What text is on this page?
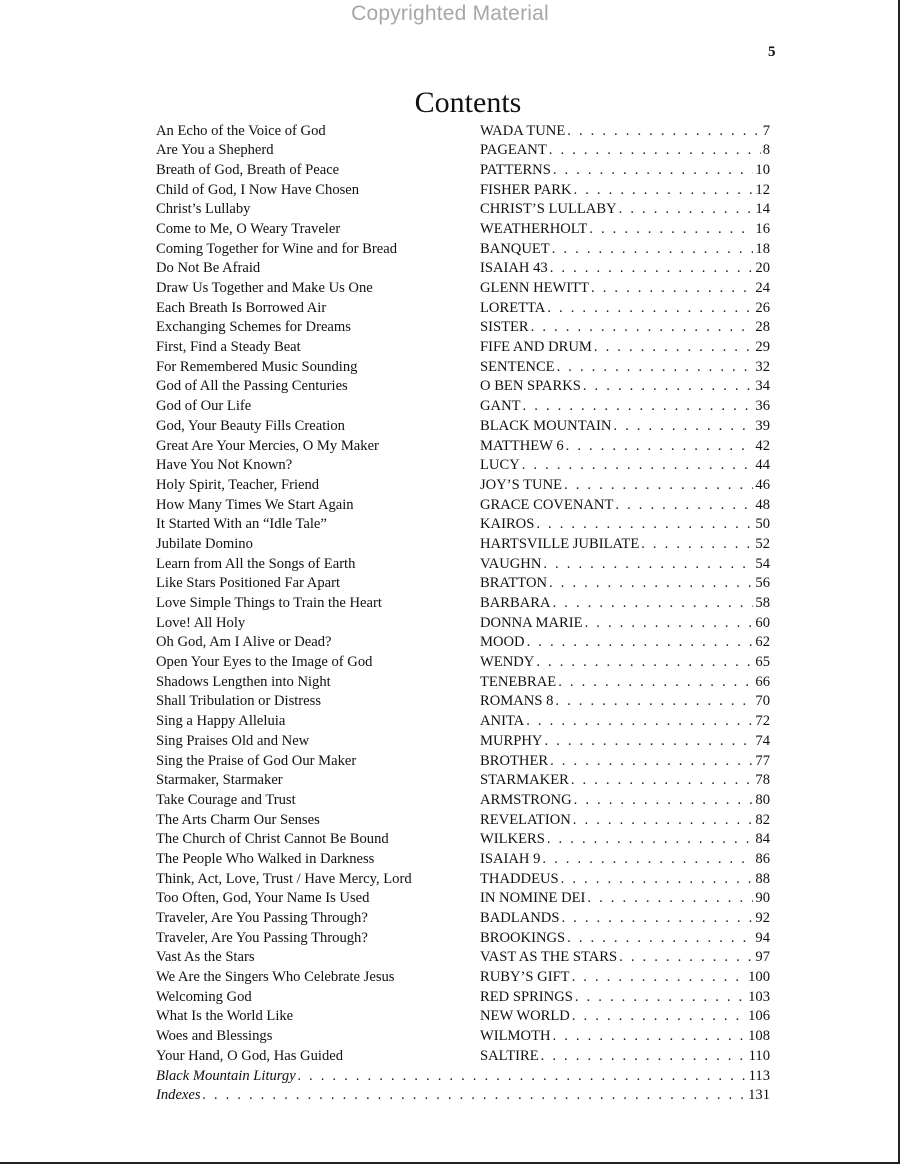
Copyrighted Material
5
Contents
An Echo of the Voice of God	WADA TUNE . . .	7
Are You a Shepherd	PAGEANT . . .	8
Breath of God, Breath of Peace	PATTERNS . . .	10
Child of God, I Now Have Chosen	FISHER PARK . . .	12
Christ’s Lullaby	CHRIST’S LULLABY . . .	14
Come to Me, O Weary Traveler	WEATHERHOLT . . .	16
Coming Together for Wine and for Bread	BANQUET . . .	18
Do Not Be Afraid	ISAIAH 43 . . .	20
Draw Us Together and Make Us One	GLENN HEWITT . . .	24
Each Breath Is Borrowed Air	LORETTA . . .	26
Exchanging Schemes for Dreams	SISTER . . .	28
First, Find a Steady Beat	FIFE AND DRUM . . .	29
For Remembered Music Sounding	SENTENCE . . .	32
God of All the Passing Centuries	O BEN SPARKS . . .	34
God of Our Life	GANT . . .	36
God, Your Beauty Fills Creation	BLACK MOUNTAIN . . .	39
Great Are Your Mercies, O My Maker	MATTHEW 6 . . .	42
Have You Not Known?	LUCY . . .	44
Holy Spirit, Teacher, Friend	JOY’S TUNE . . .	46
How Many Times We Start Again	GRACE COVENANT . . .	48
It Started With an “Idle Tale”	KAIROS . . .	50
Jubilate Domino	HARTSVILLE JUBILATE . . .	52
Learn from All the Songs of Earth	VAUGHN . . .	54
Like Stars Positioned Far Apart	BRATTON . . .	56
Love Simple Things to Train the Heart	BARBARA . . .	58
Love! All Holy	DONNA MARIE . . .	60
Oh God, Am I Alive or Dead?	MOOD . . .	62
Open Your Eyes to the Image of God	WENDY . . .	65
Shadows Lengthen into Night	TENEBRAE . . .	66
Shall Tribulation or Distress	ROMANS 8 . . .	70
Sing a Happy Alleluia	ANITA . . .	72
Sing Praises Old and New	MURPHY . . .	74
Sing the Praise of God Our Maker	BROTHER . . .	77
Starmaker, Starmaker	STARMAKER . . .	78
Take Courage and Trust	ARMSTRONG . . .	80
The Arts Charm Our Senses	REVELATION . . .	82
The Church of Christ Cannot Be Bound	WILKERS . . .	84
The People Who Walked in Darkness	ISAIAH 9 . . .	86
Think, Act, Love, Trust / Have Mercy, Lord	THADDEUS . . .	88
Too Often, God, Your Name Is Used	IN NOMINE DEI . . .	90
Traveler, Are You Passing Through?	BADLANDS . . .	92
Traveler, Are You Passing Through?	BROOKINGS . . .	94
Vast As the Stars	VAST AS THE STARS . . .	97
We Are the Singers Who Celebrate Jesus	RUBY’S GIFT . . .	100
Welcoming God	RED SPRINGS . . .	103
What Is the World Like	NEW WORLD . . .	106
Woes and Blessings	WILMOTH . . .	108
Your Hand, O God, Has Guided	SALTIRE . . .	110
Black Mountain Liturgy . . .	113
Indexes . . .	131
